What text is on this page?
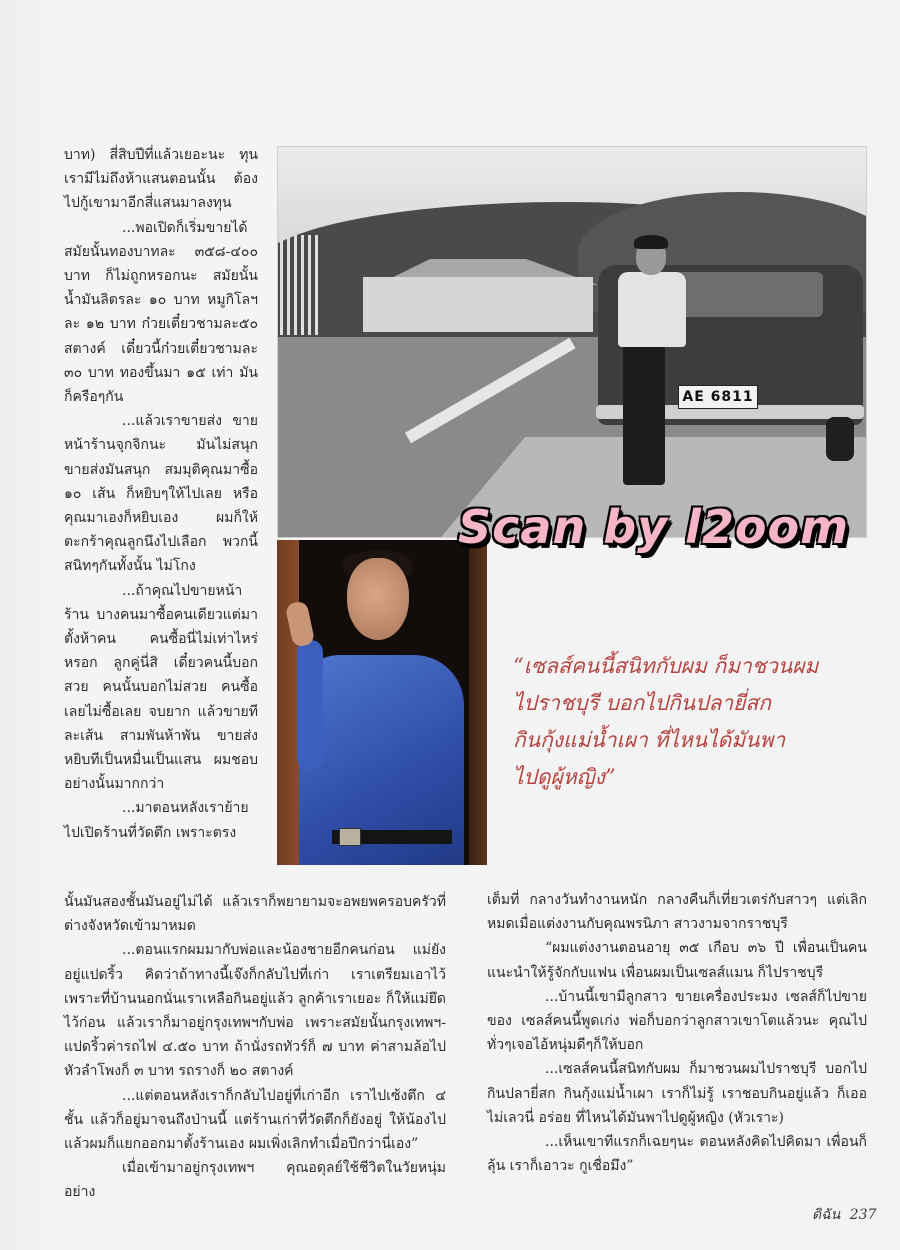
บาท) สี่สิบปีที่แล้วเยอะนะ ทุนเรามีไม่ถึงห้าแสนตอนนั้น ต้องไปกู้เขามาอีกสี่แสนมาลงทุน

...พอเปิดก็เริ่มขายได้ สมัยนั้นทองบาทละ ๓๕๘-๔๐๐ บาท ก็ไม่ถูกหรอกนะ สมัยนั้นน้ำมันลิตรละ ๑๐ บาท หมูกิโลฯ ละ ๑๒ บาท ก๋วยเตี๋ยวชามละ๕๐ สตางค์ เดี๋ยวนี้ก๋วยเตี๋ยวชามละ ๓๐ บาท ทองขึ้นมา ๑๕ เท่า มันก็ครือๆกัน

...แล้วเราขายส่ง ขายหน้าร้านจุกจิกนะ มันไม่สนุก ขายส่งมันสนุก สมมุติคุณมาซื้อ ๑๐ เส้น ก็หยิบๆให้ไปเลย หรือคุณมาเองก็หยิบเอง ผมก็ให้ตะกร้าคุณลูกนึงไปเลือก พวกนี้สนิทๆกันทั้งนั้น ไม่โกง

...ถ้าคุณไปขายหน้าร้าน บางคนมาซื้อคนเดียวแต่มาตั้งห้าคน คนซื้อนี่ไม่เท่าไหร่หรอก ลูกคู่นี่สิ เดี๋ยวคนนี้บอกสวย คนนั้นบอกไม่สวย คนซื้อเลยไม่ซื้อเลย จบยาก แล้วขายทีละเส้น สามพันห้าพัน ขายส่งหยิบทีเป็นหมื่นเป็นแสน ผมชอบอย่างนั้นมากกว่า

...มาตอนหลังเราย้ายไปเปิดร้านที่วัดตึก เพราะตรง

AE 6811
Scan by l2oom

“เซลส์คนนี้สนิทกับผม ก็มาชวนผม

ไปราชบุรี บอกไปกินปลายี่สก

กินกุ้งแม่น้ำเผา ที่ไหนได้มันพา

ไปดูผู้หญิง”

นั้นมันสองชั้นมันอยู่ไม่ได้ แล้วเราก็พยายามจะอพยพครอบครัวที่ต่างจังหวัดเข้ามาหมด

...ตอนแรกผมมากับพ่อและน้องชายอีกคนก่อน แม่ยังอยู่แปดริ้ว คิดว่าถ้าทางนี้เจ๊งก็กลับไปที่เก่า เราเตรียมเอาไว้ เพราะที่บ้านนอกนั่นเราเหลือกินอยู่แล้ว ลูกค้าเราเยอะ ก็ให้แม่ยึดไว้ก่อน แล้วเราก็มาอยู่กรุงเทพฯกับพ่อ เพราะสมัยนั้นกรุงเทพฯ-แปดริ้วค่ารถไฟ ๔.๕๐ บาท ถ้านั่งรถทัวร์ก็ ๗ บาท ค่าสามล้อไปหัวลำโพงก็ ๓ บาท รถรางก็ ๒๐ สตางค์

...แต่ตอนหลังเราก็กลับไปอยู่ที่เก่าอีก เราไปเซ้งตึก ๔ ชั้น แล้วก็อยู่มาจนถึงป่านนี้ แต่ร้านเก่าที่วัดตึกก็ยังอยู่ ให้น้องไป แล้วผมก็แยกออกมาตั้งร้านเอง ผมเพิ่งเลิกทำเมื่อปีกว่านี่เอง”

เมื่อเข้ามาอยู่กรุงเทพฯ คุณอดุลย์ใช้ชีวิตในวัยหนุ่มอย่าง

เต็มที่ กลางวันทำงานหนัก กลางคืนก็เที่ยวเตร่กับสาวๆ แต่เลิกหมดเมื่อแต่งงานกับคุณพรนิภา สาวงามจากราชบุรี

“ผมแต่งงานตอนอายุ ๓๕ เกือบ ๓๖ ปี เพื่อนเป็นคนแนะนำให้รู้จักกับแฟน เพื่อนผมเป็นเซลส์แมน ก็ไปราชบุรี

...บ้านนี้เขามีลูกสาว ขายเครื่องประมง เซลส์ก็ไปขายของ เซลส์คนนี้พูดเก่ง พ่อก็บอกว่าลูกสาวเขาโตแล้วนะ คุณไปทั่วๆเจอไอ้หนุ่มดีๆก็ให้บอก

...เซลส์คนนี้สนิทกับผม ก็มาชวนผมไปราชบุรี บอกไปกินปลายี่สก กินกุ้งแม่น้ำเผา เราก็ไม่รู้ เราชอบกินอยู่แล้ว ก็เออไม่เลวนี่ อร่อย ที่ไหนได้มันพาไปดูผู้หญิง (หัวเราะ)

...เห็นเขาทีแรกก็เฉยๆนะ ตอนหลังคิดไปคิดมา เพื่อนก็ลุ้น เราก็เอาวะ กูเชื่อมึง”

ดิฉัน 237
